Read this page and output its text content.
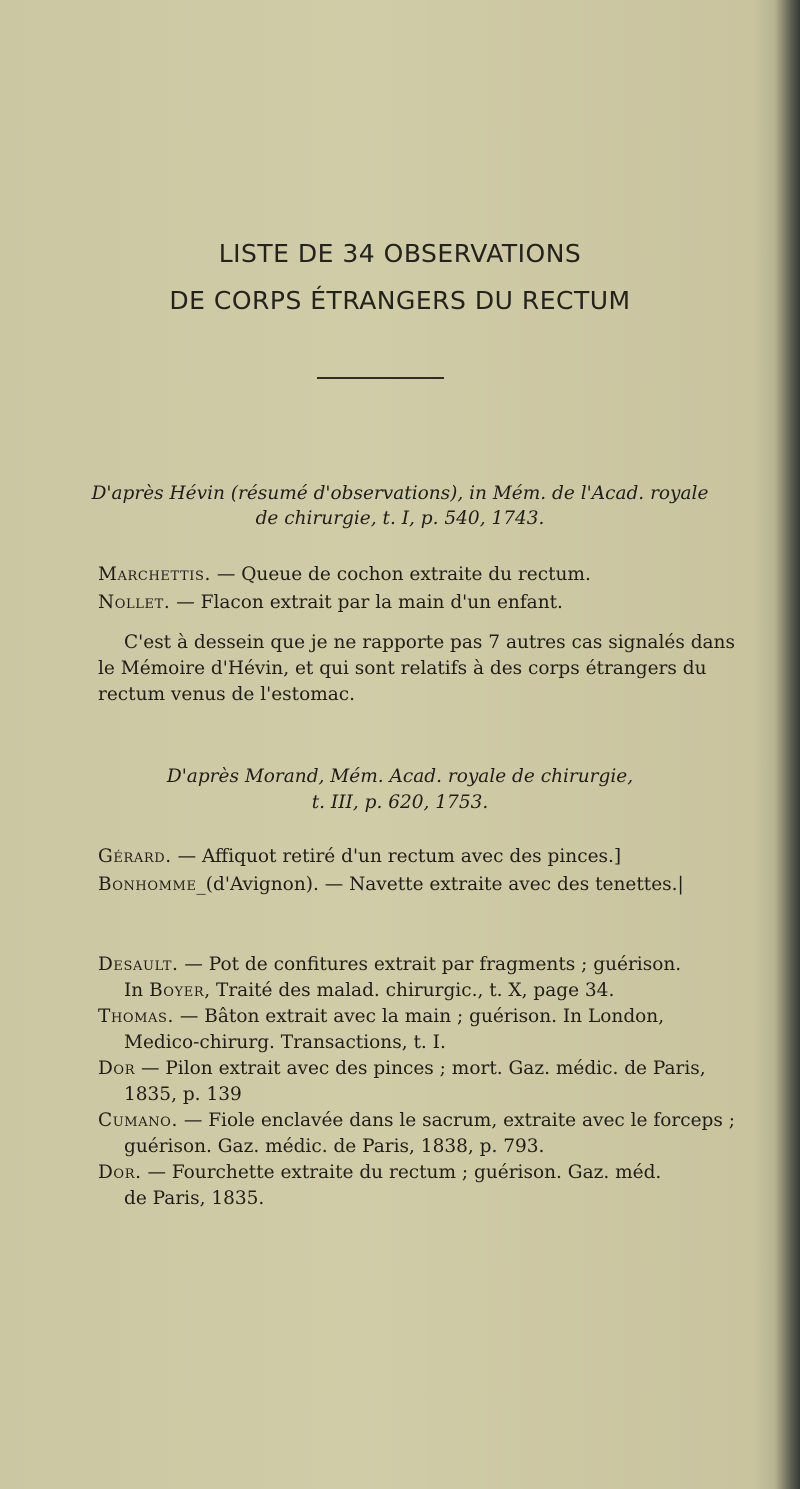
LISTE DE 34 OBSERVATIONS
DE CORPS ÉTRANGERS DU RECTUM
D'après Hévin (résumé d'observations), in Mém. de l'Acad. royale
de chirurgie, t. I, p. 540, 1743.
Marchettis. — Queue de cochon extraite du rectum.
Nollet. — Flacon extrait par la main d'un enfant.
C'est à dessein que je ne rapporte pas 7 autres cas signalés dans
le Mémoire d'Hévin, et qui sont relatifs à des corps étrangers du
rectum venus de l'estomac.
D'après Morand, Mém. Acad. royale de chirurgie,
t. III, p. 620, 1753.
Gérard. — Affiquot retiré d'un rectum avec des pinces.]
Bonhomme_(d'Avignon). — Navette extraite avec des tenettes.|
Desault. — Pot de confitures extrait par fragments ; guérison.
In Boyer, Traité des malad. chirurgic., t. X, page 34.
Thomas. — Bâton extrait avec la main ; guérison. In London,
Medico-chirurg. Transactions, t. I.
Dor — Pilon extrait avec des pinces ; mort. Gaz. médic. de Paris,
1835, p. 139
Cumano. — Fiole enclavée dans le sacrum, extraite avec le forceps ;
guérison. Gaz. médic. de Paris, 1838, p. 793.
Dor. — Fourchette extraite du rectum ; guérison. Gaz. méd.
de Paris, 1835.
